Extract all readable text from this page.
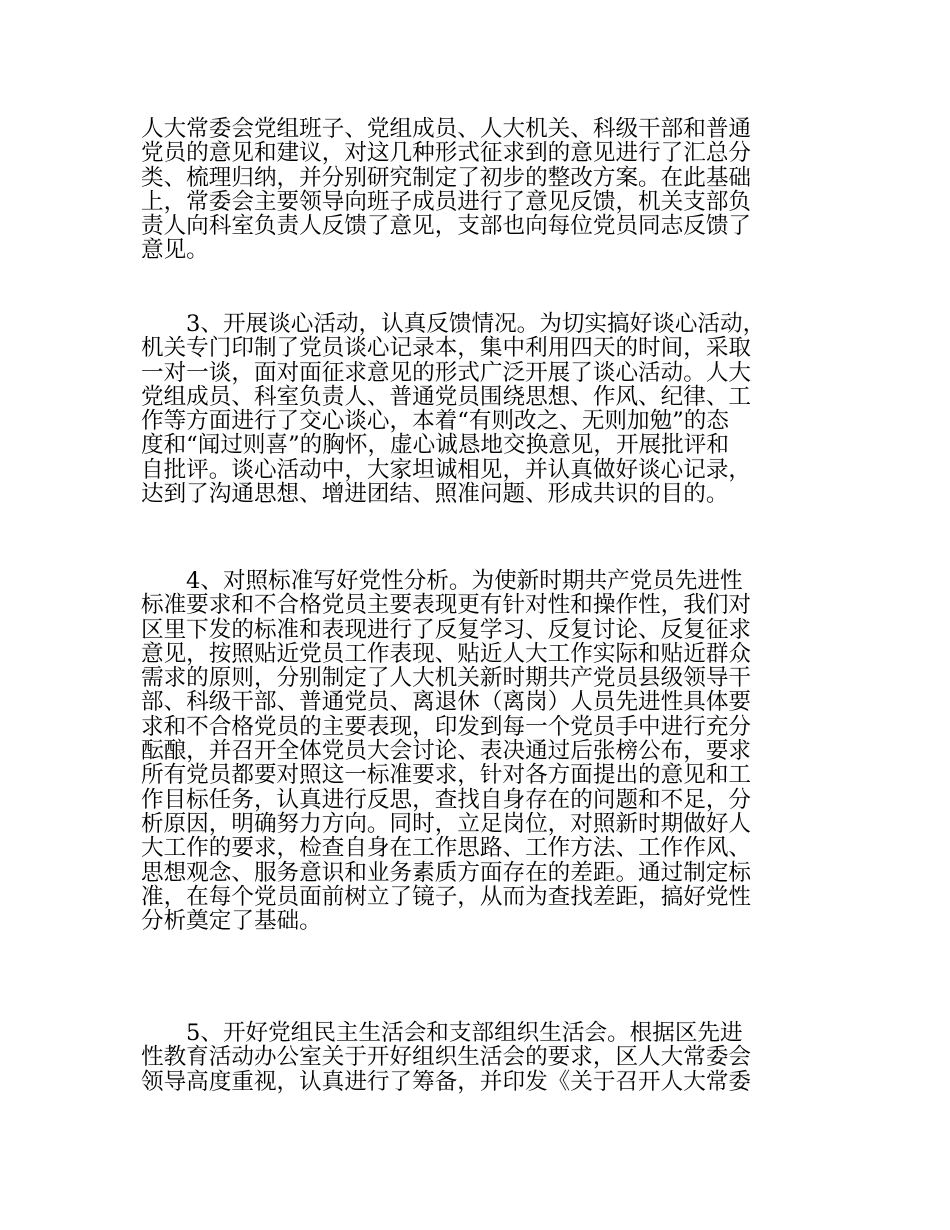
人大常委会党组班子、党组成员、人大机关、科级干部和普通
党员的意见和建议，对这几种形式征求到的意见进行了汇总分
类、梳理归纳，并分别研究制定了初步的整改方案。在此基础
上，常委会主要领导向班子成员进行了意见反馈，机关支部负
责人向科室负责人反馈了意见，支部也向每位党员同志反馈了
意见。
3、开展谈心活动，认真反馈情况。为切实搞好谈心活动，
机关专门印制了党员谈心记录本，集中利用四天的时间，采取
一对一谈，面对面征求意见的形式广泛开展了谈心活动。人大
党组成员、科室负责人、普通党员围绕思想、作风、纪律、工
作等方面进行了交心谈心，本着“有则改之、无则加勉”的态
度和“闻过则喜”的胸怀，虚心诚恳地交换意见，开展批评和
自批评。谈心活动中，大家坦诚相见，并认真做好谈心记录，
达到了沟通思想、增进团结、照准问题、形成共识的目的。
4、对照标准写好党性分析。为使新时期共产党员先进性
标准要求和不合格党员主要表现更有针对性和操作性，我们对
区里下发的标准和表现进行了反复学习、反复讨论、反复征求
意见，按照贴近党员工作表现、贴近人大工作实际和贴近群众
需求的原则，分别制定了人大机关新时期共产党员县级领导干
部、科级干部、普通党员、离退休（离岗）人员先进性具体要
求和不合格党员的主要表现，印发到每一个党员手中进行充分
酝酿，并召开全体党员大会讨论、表决通过后张榜公布，要求
所有党员都要对照这一标准要求，针对各方面提出的意见和工
作目标任务，认真进行反思，查找自身存在的问题和不足，分
析原因，明确努力方向。同时，立足岗位，对照新时期做好人
大工作的要求，检查自身在工作思路、工作方法、工作作风、
思想观念、服务意识和业务素质方面存在的差距。通过制定标
准，在每个党员面前树立了镜子，从而为查找差距，搞好党性
分析奠定了基础。
5、开好党组民主生活会和支部组织生活会。根据区先进
性教育活动办公室关于开好组织生活会的要求，区人大常委会
领导高度重视，认真进行了筹备，并印发《关于召开人大常委
